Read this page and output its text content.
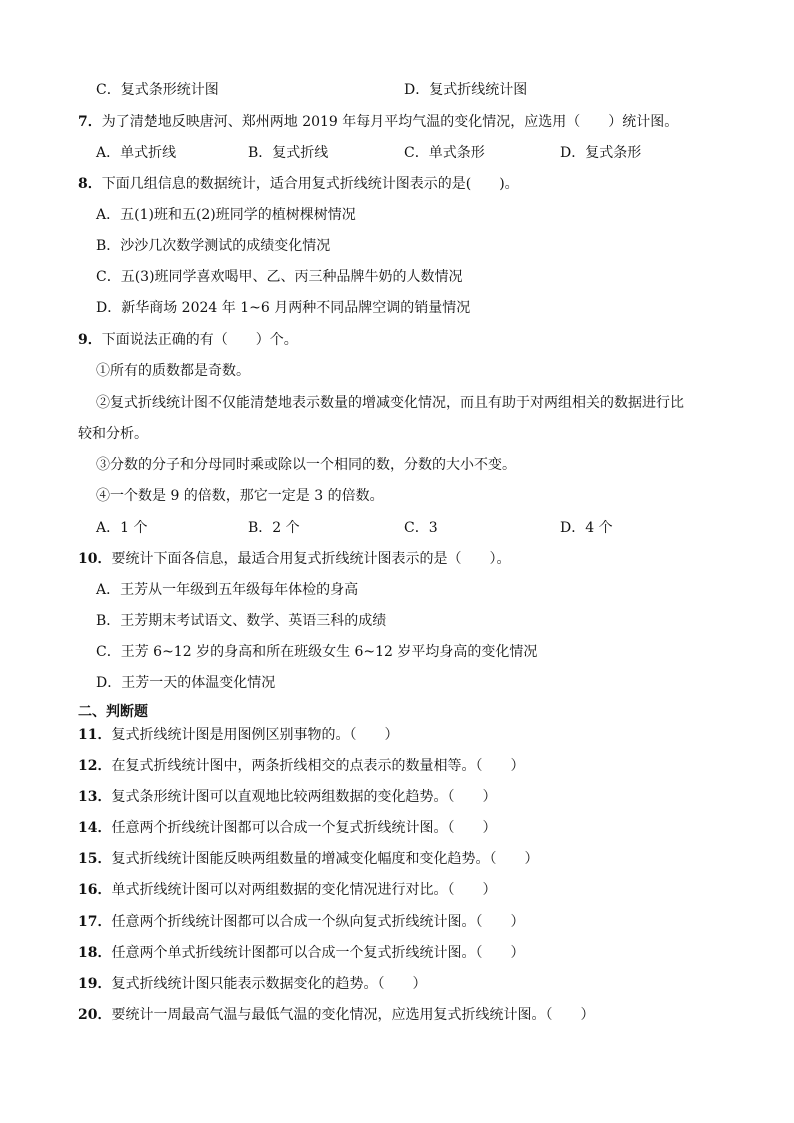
C．复式条形统计图	D．复式折线统计图
7．为了清楚地反映唐河、郑州两地 2019 年每月平均气温的变化情况，应选用（　　）统计图。
A．单式折线	B．复式折线	C．单式条形	D．复式条形
8．下面几组信息的数据统计，适合用复式折线统计图表示的是(　　)。
A．五(1)班和五(2)班同学的植树棵树情况
B．沙沙几次数学测试的成绩变化情况
C．五(3)班同学喜欢喝甲、乙、丙三种品牌牛奶的人数情况
D．新华商场 2024 年 1~6 月两种不同品牌空调的销量情况
9．下面说法正确的有（　　）个。
①所有的质数都是奇数。
②复式折线统计图不仅能清楚地表示数量的增减变化情况，而且有助于对两组相关的数据进行比
较和分析。
③分数的分子和分母同时乘或除以一个相同的数，分数的大小不变。
④一个数是 9 的倍数，那它一定是 3 的倍数。
A．1 个	B．2 个	C．3	D．4 个
10．要统计下面各信息，最适合用复式折线统计图表示的是（　　）。
A．王芳从一年级到五年级每年体检的身高
B．王芳期末考试语文、数学、英语三科的成绩
C．王芳 6~12 岁的身高和所在班级女生 6~12 岁平均身高的变化情况
D．王芳一天的体温变化情况
二、判断题
11．复式折线统计图是用图例区别事物的。（　　）
12．在复式折线统计图中，两条折线相交的点表示的数量相等。（　　）
13．复式条形统计图可以直观地比较两组数据的变化趋势。（　　）
14．任意两个折线统计图都可以合成一个复式折线统计图。（　　）
15．复式折线统计图能反映两组数量的增减变化幅度和变化趋势。（　　）
16．单式折线统计图可以对两组数据的变化情况进行对比。（　　）
17．任意两个折线统计图都可以合成一个纵向复式折线统计图。（　　）
18．任意两个单式折线统计图都可以合成一个复式折线统计图。（　　）
19．复式折线统计图只能表示数据变化的趋势。（　　）
20．要统计一周最高气温与最低气温的变化情况，应选用复式折线统计图。（　　）
